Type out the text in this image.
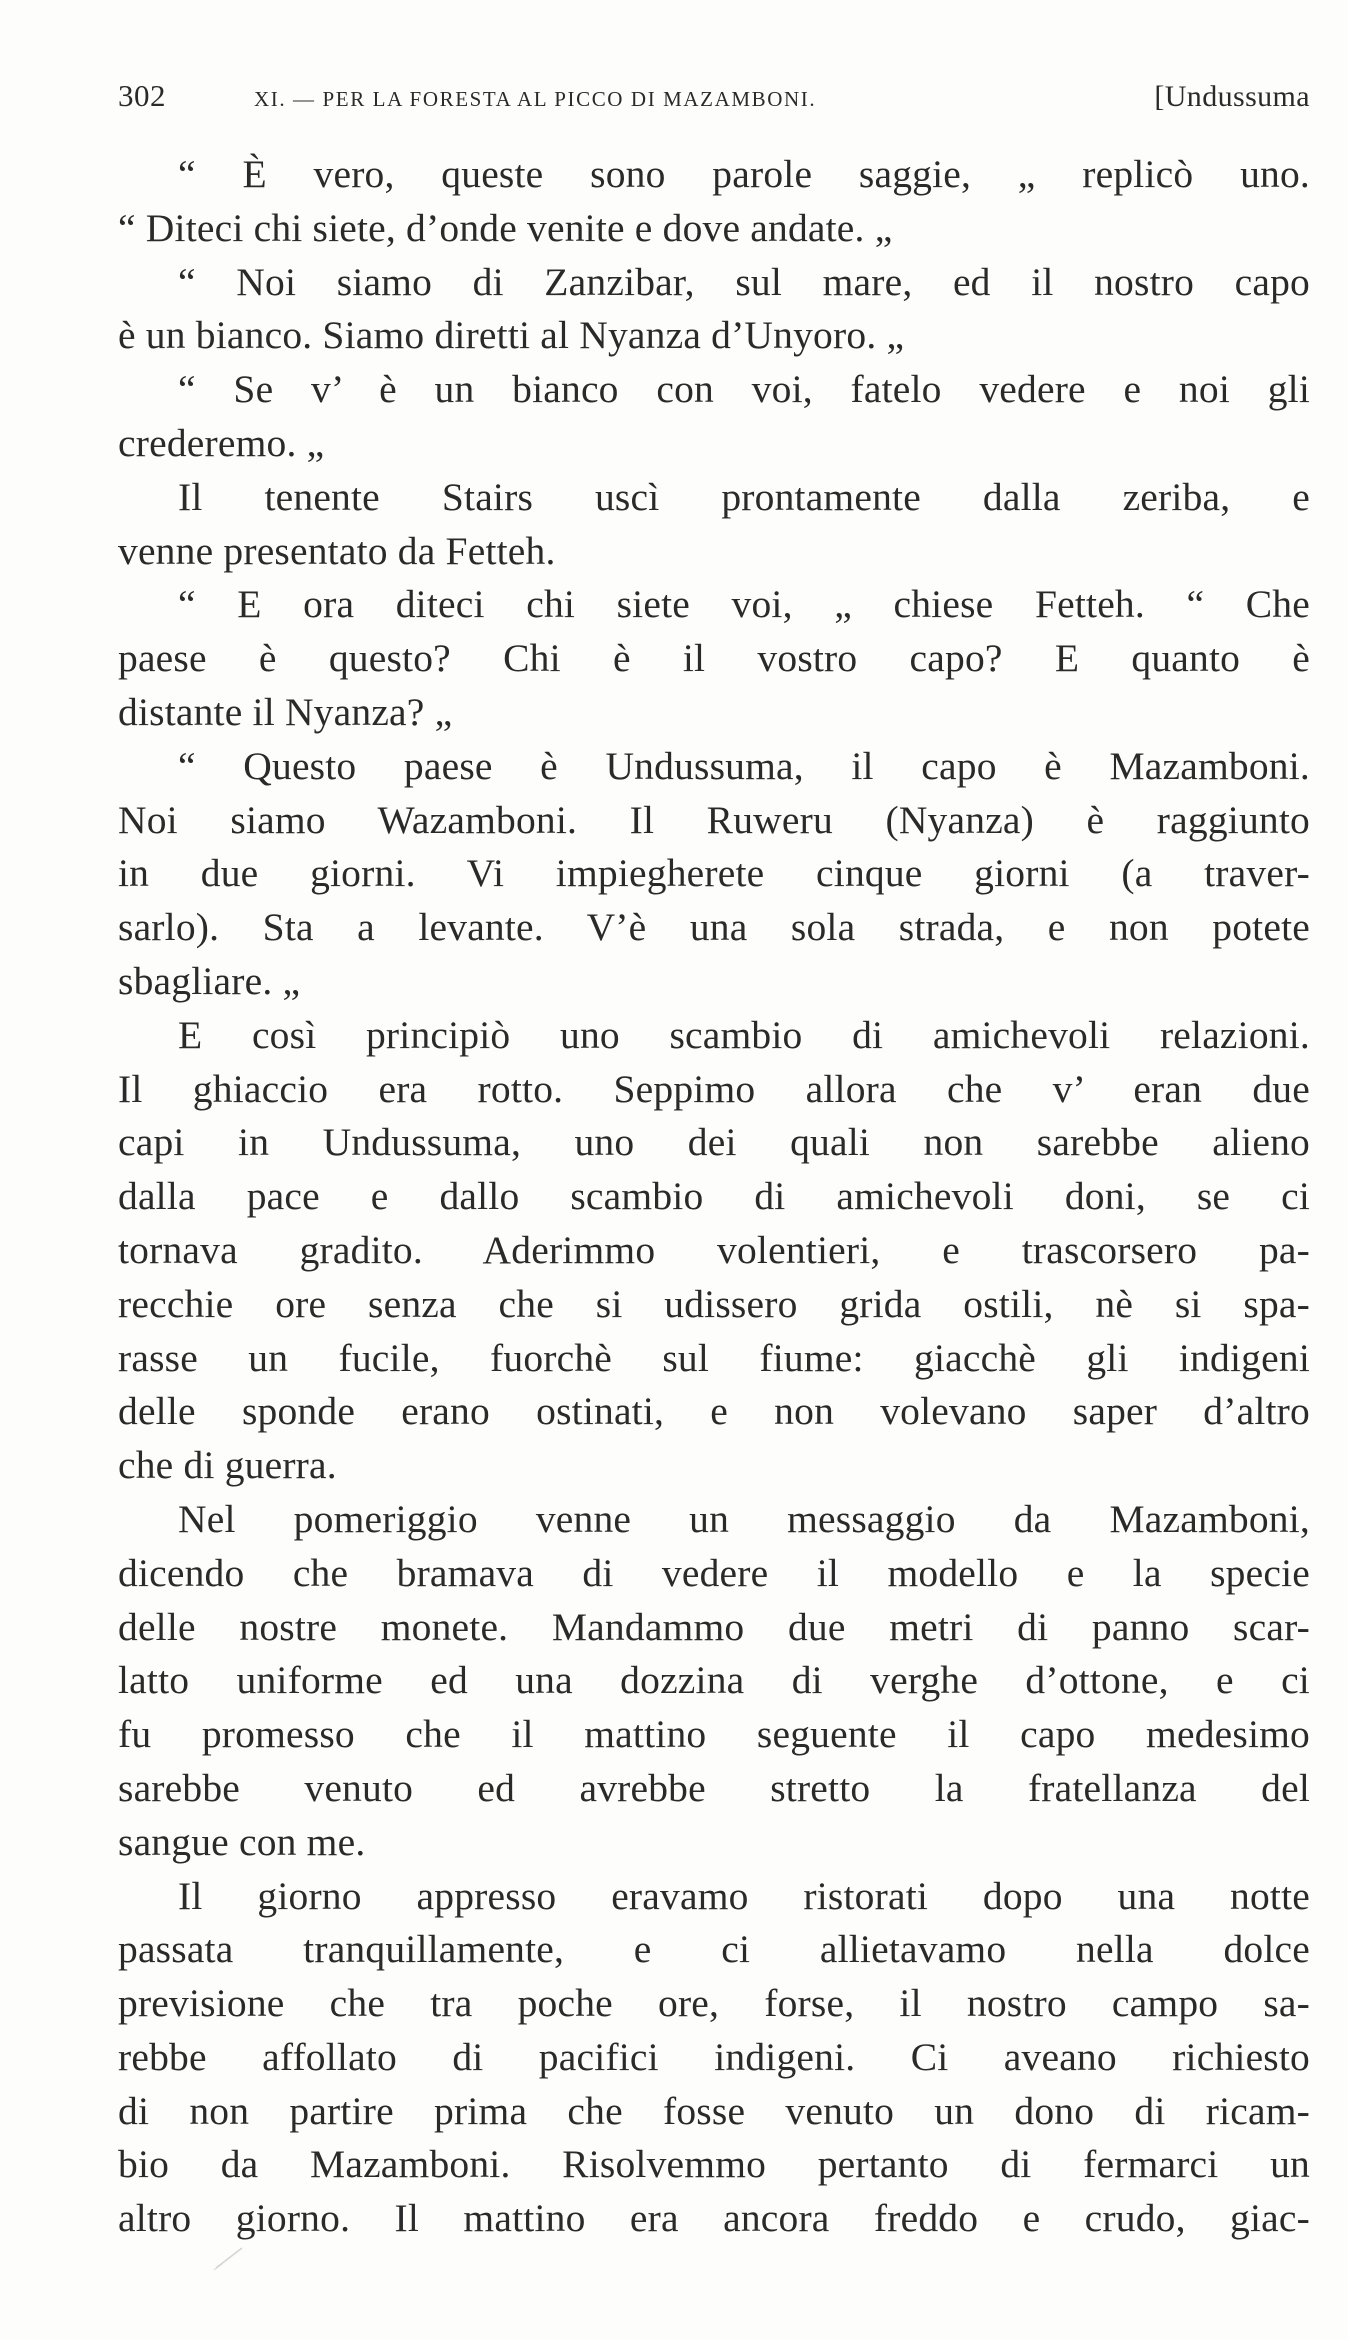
302	XI. — PER LA FORESTA AL PICCO DI MAZAMBONI.	[Undussuma
“ È vero, queste sono parole saggie, „ replicò uno.
“ Diteci chi siete, d’onde venite e dove andate. „
“ Noi siamo di Zanzibar, sul mare, ed il nostro capo
è un bianco. Siamo diretti al Nyanza d’Unyoro. „
“ Se v’ è un bianco con voi, fatelo vedere e noi gli
crederemo. „
Il tenente Stairs uscì prontamente dalla zeriba, e
venne presentato da Fetteh.
“ E ora diteci chi siete voi, „ chiese Fetteh. “ Che
paese è questo? Chi è il vostro capo? E quanto è
distante il Nyanza? „
“ Questo paese è Undussuma, il capo è Mazamboni.
Noi siamo Wazamboni. Il Ruweru (Nyanza) è raggiunto
in due giorni. Vi impiegherete cinque giorni (a traver-
sarlo). Sta a levante. V’è una sola strada, e non potete
sbagliare. „
E così principiò uno scambio di amichevoli relazioni.
Il ghiaccio era rotto. Seppimo allora che v’ eran due
capi in Undussuma, uno dei quali non sarebbe alieno
dalla pace e dallo scambio di amichevoli doni, se ci
tornava gradito. Aderimmo volentieri, e trascorsero pa-
recchie ore senza che si udissero grida ostili, nè si spa-
rasse un fucile, fuorchè sul fiume: giacchè gli indigeni
delle sponde erano ostinati, e non volevano saper d’altro
che di guerra.
Nel pomeriggio venne un messaggio da Mazamboni,
dicendo che bramava di vedere il modello e la specie
delle nostre monete. Mandammo due metri di panno scar-
latto uniforme ed una dozzina di verghe d’ottone, e ci
fu promesso che il mattino seguente il capo medesimo
sarebbe venuto ed avrebbe stretto la fratellanza del
sangue con me.
Il giorno appresso eravamo ristorati dopo una notte
passata tranquillamente, e ci allietavamo nella dolce
previsione che tra poche ore, forse, il nostro campo sa-
rebbe affollato di pacifici indigeni. Ci aveano richiesto
di non partire prima che fosse venuto un dono di ricam-
bio da Mazamboni. Risolvemmo pertanto di fermarci un
altro giorno. Il mattino era ancora freddo e crudo, giac-
